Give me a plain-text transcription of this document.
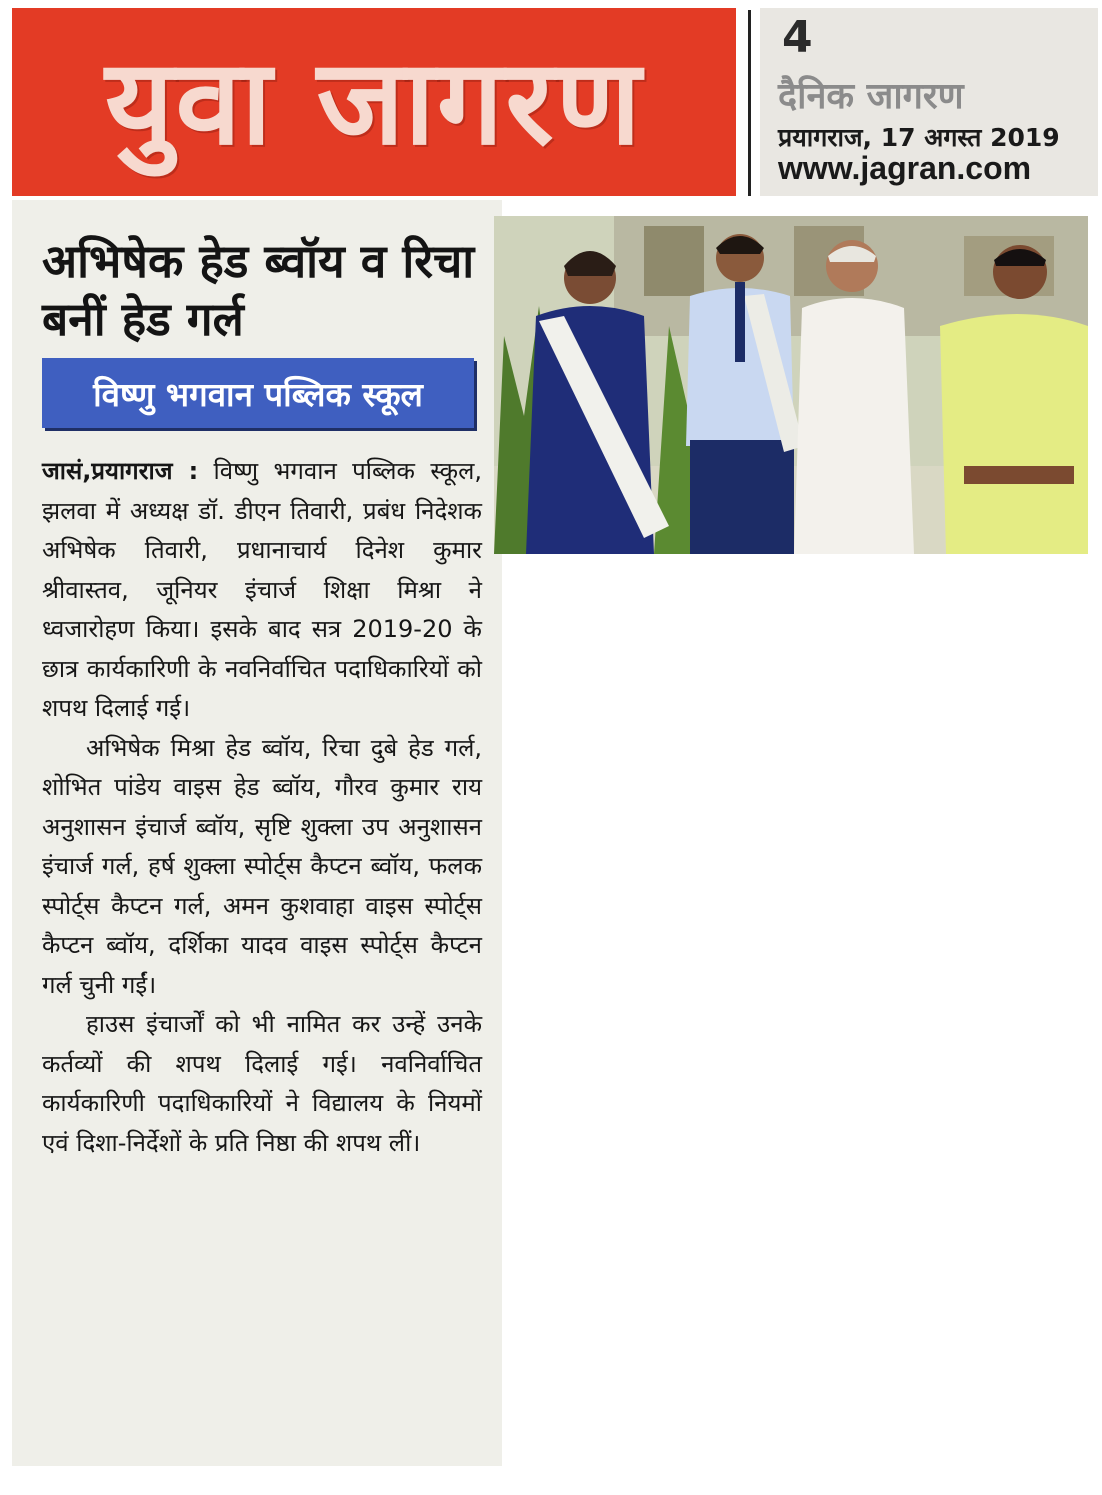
युवा जागरण	4
दैनिक जागरण
प्रयागराज, 17 अगस्त 2019
www.jagran.com
अभिषेक हेड ब्वॉय व रिचा बनीं हेड गर्ल
विष्णु भगवान पब्लिक स्कूल

जासं,प्रयागराज : विष्णु भगवान पब्लिक स्कूल, झलवा में अध्यक्ष डॉ. डीएन तिवारी, प्रबंध निदेशक अभिषेक तिवारी, प्रधानाचार्य दिनेश कुमार श्रीवास्तव, जूनियर इंचार्ज शिक्षा मिश्रा ने ध्वजारोहण किया। इसके बाद सत्र 2019-20 के छात्र कार्यकारिणी के नवनिर्वाचित पदाधिकारियों को शपथ दिलाई गई।

अभिषेक मिश्रा हेड ब्वॉय, रिचा दुबे हेड गर्ल, शोभित पांडेय वाइस हेड ब्वॉय, गौरव कुमार राय अनुशासन इंचार्ज ब्वॉय, सृष्टि शुक्ला उप अनुशासन इंचार्ज गर्ल, हर्ष शुक्ला स्पोर्ट्स कैप्टन ब्वॉय, फलक स्पोर्ट्स कैप्टन गर्ल, अमन कुशवाहा वाइस स्पोर्ट्स कैप्टन ब्वॉय, दर्शिका यादव वाइस स्पोर्ट्स कैप्टन गर्ल चुनी गईं।

हाउस इंचार्जों को भी नामित कर उन्हें उनके कर्तव्यों की शपथ दिलाई गई। नवनिर्वाचित कार्यकारिणी पदाधिकारियों ने विद्यालय के नियमों एवं दिशा-निर्देशों के प्रति निष्ठा की शपथ लीं।
